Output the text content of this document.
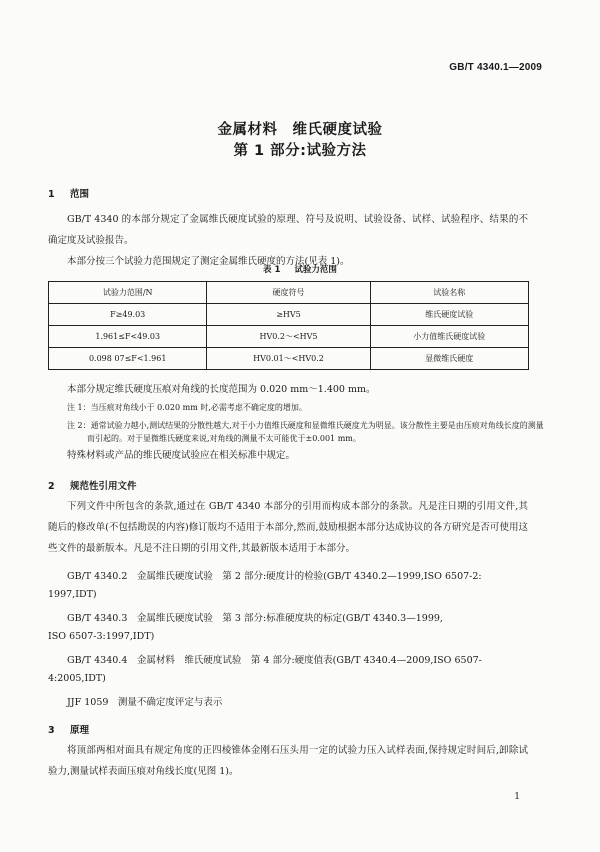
GB/T 4340.1—2009
金属材料　维氏硬度试验
第 1 部分:试验方法
1 范围
GB/T 4340 的本部分规定了金属维氏硬度试验的原理、符号及说明、试验设备、试样、试验程序、结果的不确定度及试验报告。
本部分按三个试验力范围规定了测定金属维氏硬度的方法(见表 1)。
表 1 试验力范围
试验力范围/N	硬度符号	试验名称
F≥49.03	≥HV5	维氏硬度试验
1.961≤F<49.03	HV0.2～<HV5	小力值维氏硬度试验
0.098 07≤F<1.961	HV0.01～<HV0.2	显微维氏硬度
本部分规定维氏硬度压痕对角线的长度范围为 0.020 mm～1.400 mm。
注 1：当压痕对角线小于 0.020 mm 时,必需考虑不确定度的增加。
注 2：通常试验力越小,测试结果的分散性越大,对于小力值维氏硬度和显微维氏硬度尤为明显。该分散性主要是由压痕对角线长度的测量而引起的。对于显微维氏硬度来说,对角线的测量不太可能优于±0.001 mm。
特殊材料或产品的维氏硬度试验应在相关标准中规定。
2 规范性引用文件
下列文件中所包含的条款,通过在 GB/T 4340 本部分的引用而构成本部分的条款。凡是注日期的引用文件,其随后的修改单(不包括勘误的内容)修订版均不适用于本部分,然而,鼓励根据本部分达成协议的各方研究是否可使用这些文件的最新版本。凡是不注日期的引用文件,其最新版本适用于本部分。
GB/T 4340.2　金属维氏硬度试验　第 2 部分:硬度计的检验(GB/T 4340.2—1999,ISO 6507-2:
1997,IDT)
GB/T 4340.3　金属维氏硬度试验　第 3 部分:标准硬度块的标定(GB/T 4340.3—1999,
ISO 6507-3:1997,IDT)
GB/T 4340.4　金属材料　维氏硬度试验　第 4 部分:硬度值表(GB/T 4340.4—2009,ISO 6507-
4:2005,IDT)
JJF 1059　测量不确定度评定与表示
3 原理
将顶部两相对面具有规定角度的正四棱锥体金刚石压头用一定的试验力压入试样表面,保持规定时间后,卸除试验力,测量试样表面压痕对角线长度(见图 1)。
1
